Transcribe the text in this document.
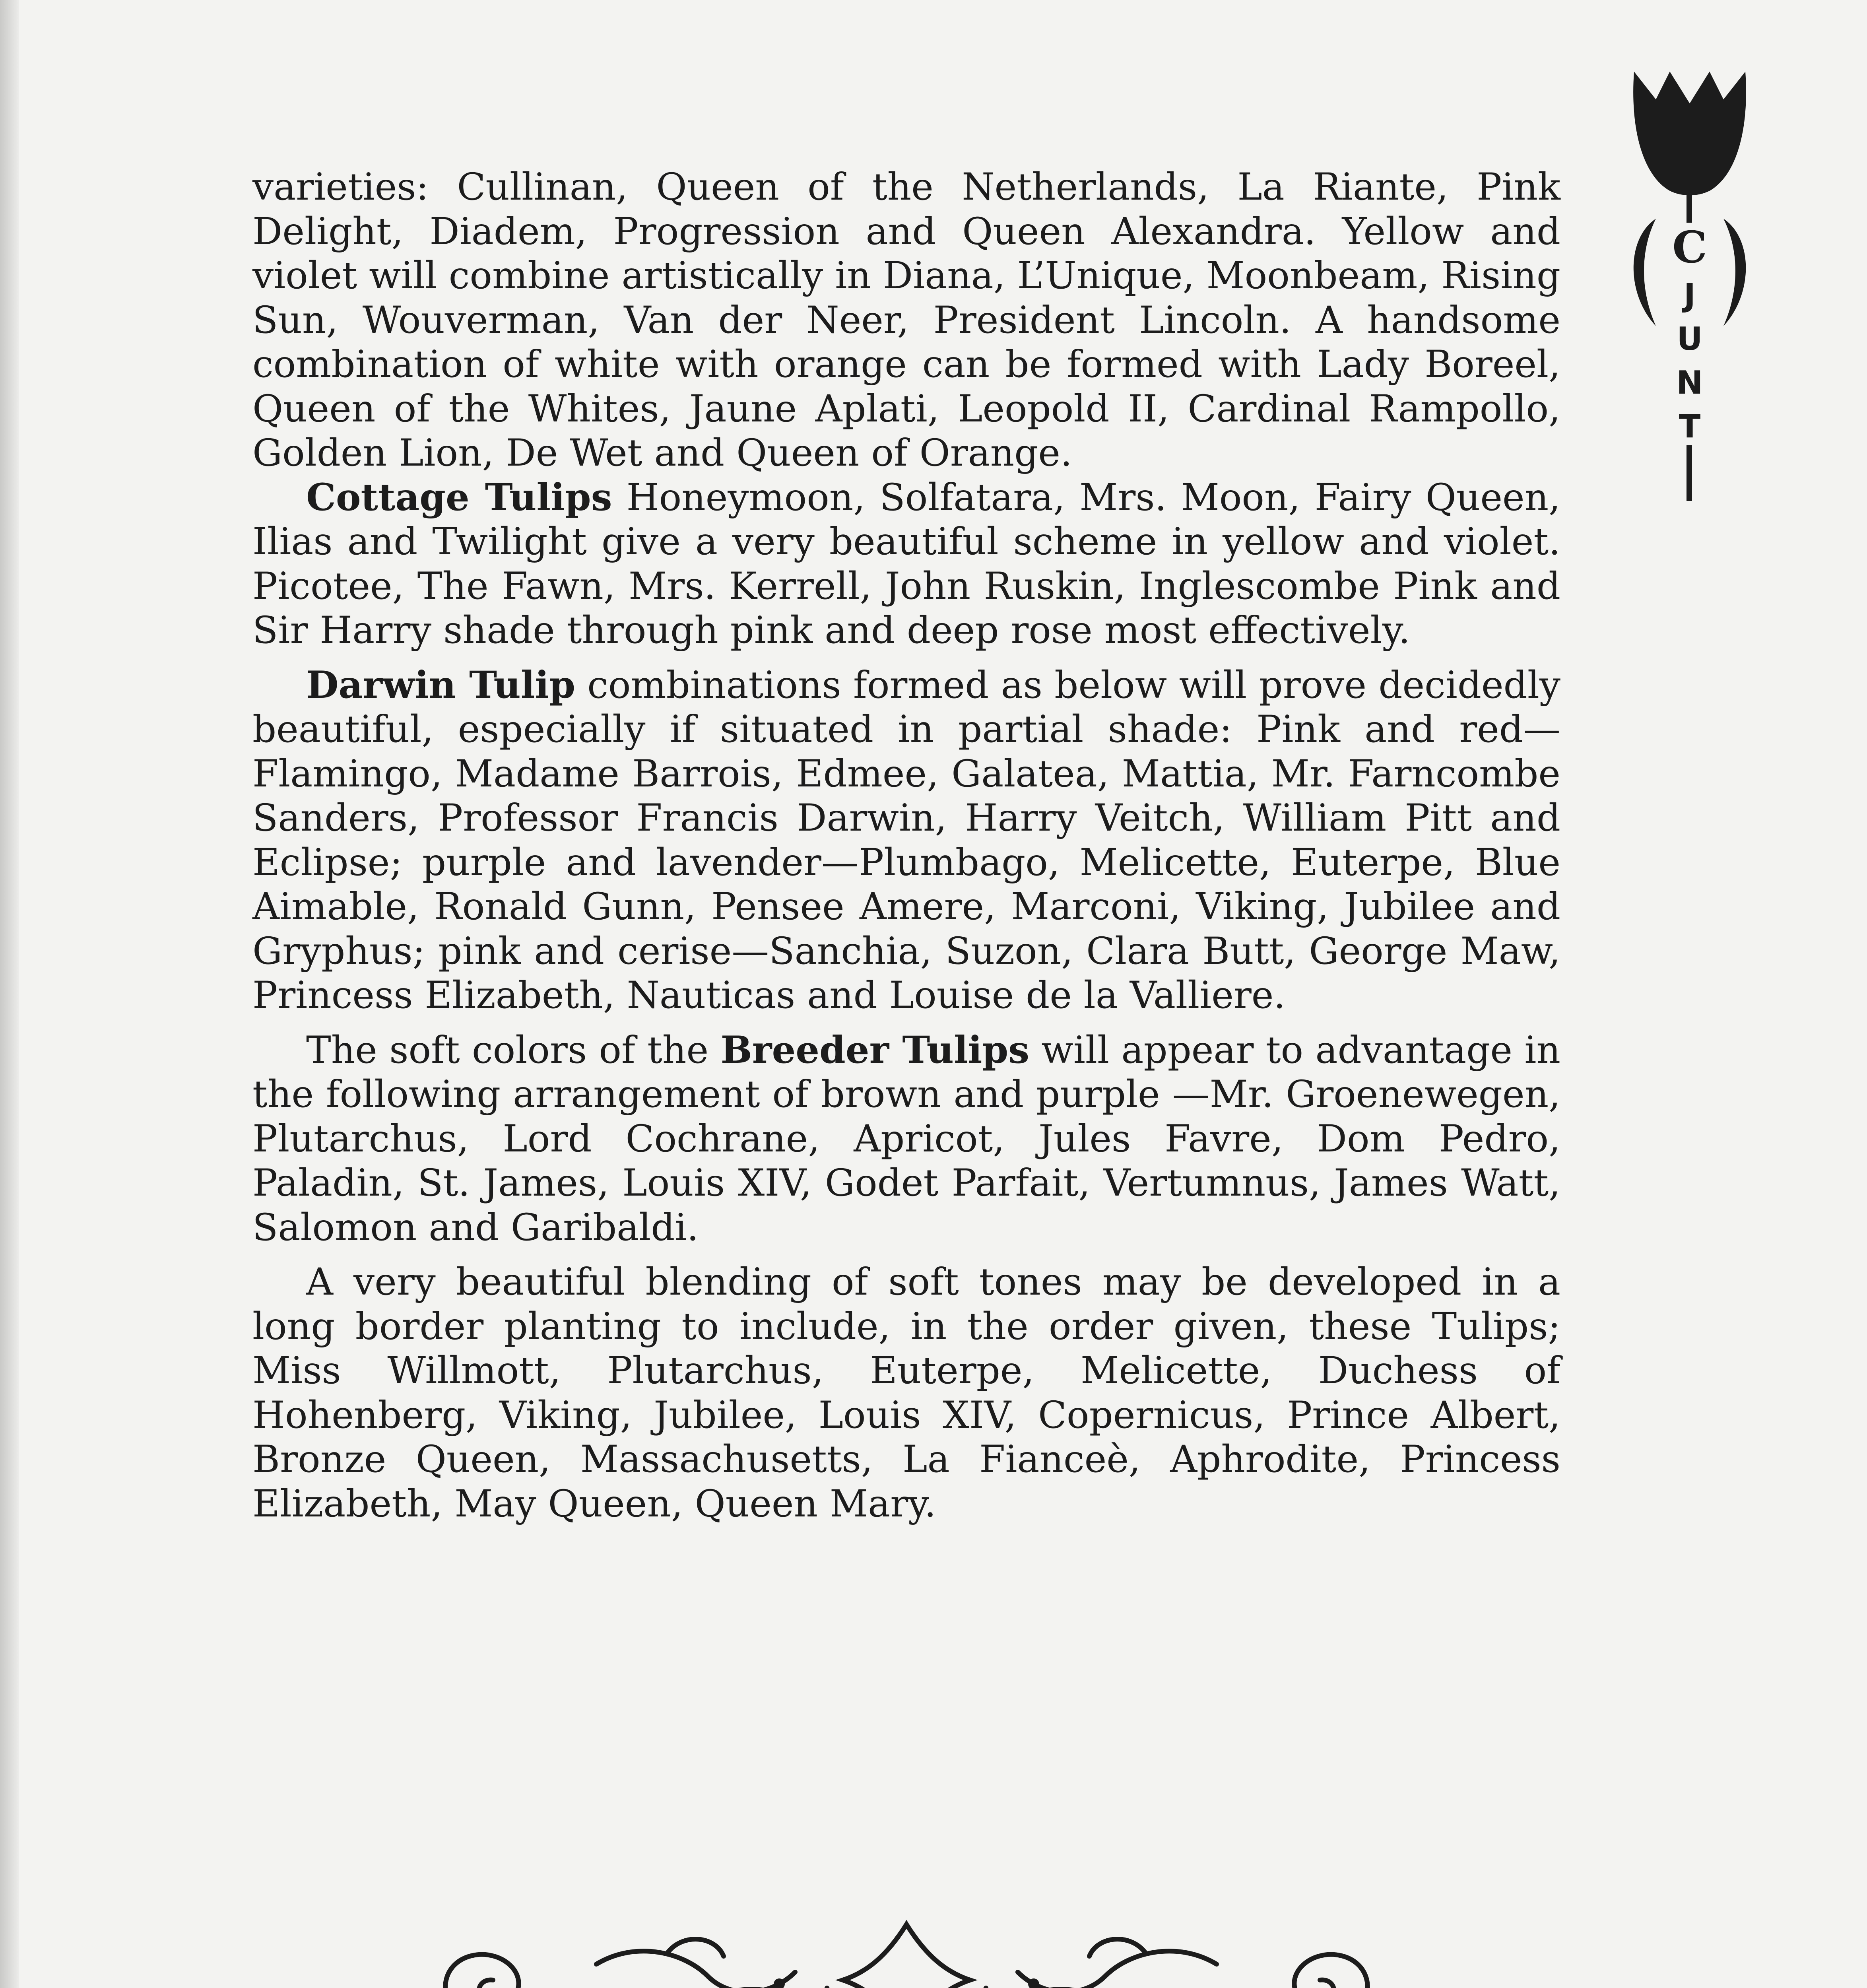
C
J
U
N
T

varieties: Cullinan, Queen of the Netherlands, La Riante, Pink Delight, Diadem, Progression and Queen Alexandra. Yellow and violet will combine artistically in Diana, L’Unique, Moonbeam, Rising Sun, Wouverman, Van der Neer, President Lincoln. A handsome combination of white with orange can be formed with Lady Boreel, Queen of the Whites, Jaune Aplati, Leopold II, Cardinal Rampollo, Golden Lion, De Wet and Queen of Orange.

Cottage Tulips Honeymoon, Solfatara, Mrs. Moon, Fairy Queen, Ilias and Twilight give a very beautiful scheme in yellow and violet. Picotee, The Fawn, Mrs. Kerrell, John Ruskin, Inglescombe Pink and Sir Harry shade through pink and deep rose most effectively.

Darwin Tulip combinations formed as below will prove decidedly beautiful, especially if situated in partial shade: Pink and red—Flamingo, Madame Barrois, Edmee, Galatea, Mattia, Mr. Farncombe Sanders, Professor Francis Darwin, Harry Veitch, William Pitt and Eclipse; purple and lavender—Plumbago, Melicette, Euterpe, Blue Aimable, Ronald Gunn, Pensee Amere, Marconi, Viking, Jubilee and Gryphus; pink and cerise—Sanchia, Suzon, Clara Butt, George Maw, Princess Elizabeth, Nauticas and Louise de la Valliere.

The soft colors of the Breeder Tulips will appear to advantage in the following arrangement of brown and purple —Mr. Groenewegen, Plutarchus, Lord Cochrane, Apricot, Jules Favre, Dom Pedro, Paladin, St. James, Louis XIV, Godet Parfait, Vertumnus, James Watt, Salomon and Garibaldi.

A very beautiful blending of soft tones may be developed in a long border planting to include, in the order given, these Tulips; Miss Willmott, Plutarchus, Euterpe, Melicette, Duchess of Hohenberg, Viking, Jubilee, Louis XIV, Copernicus, Prince Albert, Bronze Queen, Massachusetts, La Fianceè, Aphrodite, Princess Elizabeth, May Queen, Queen Mary.
